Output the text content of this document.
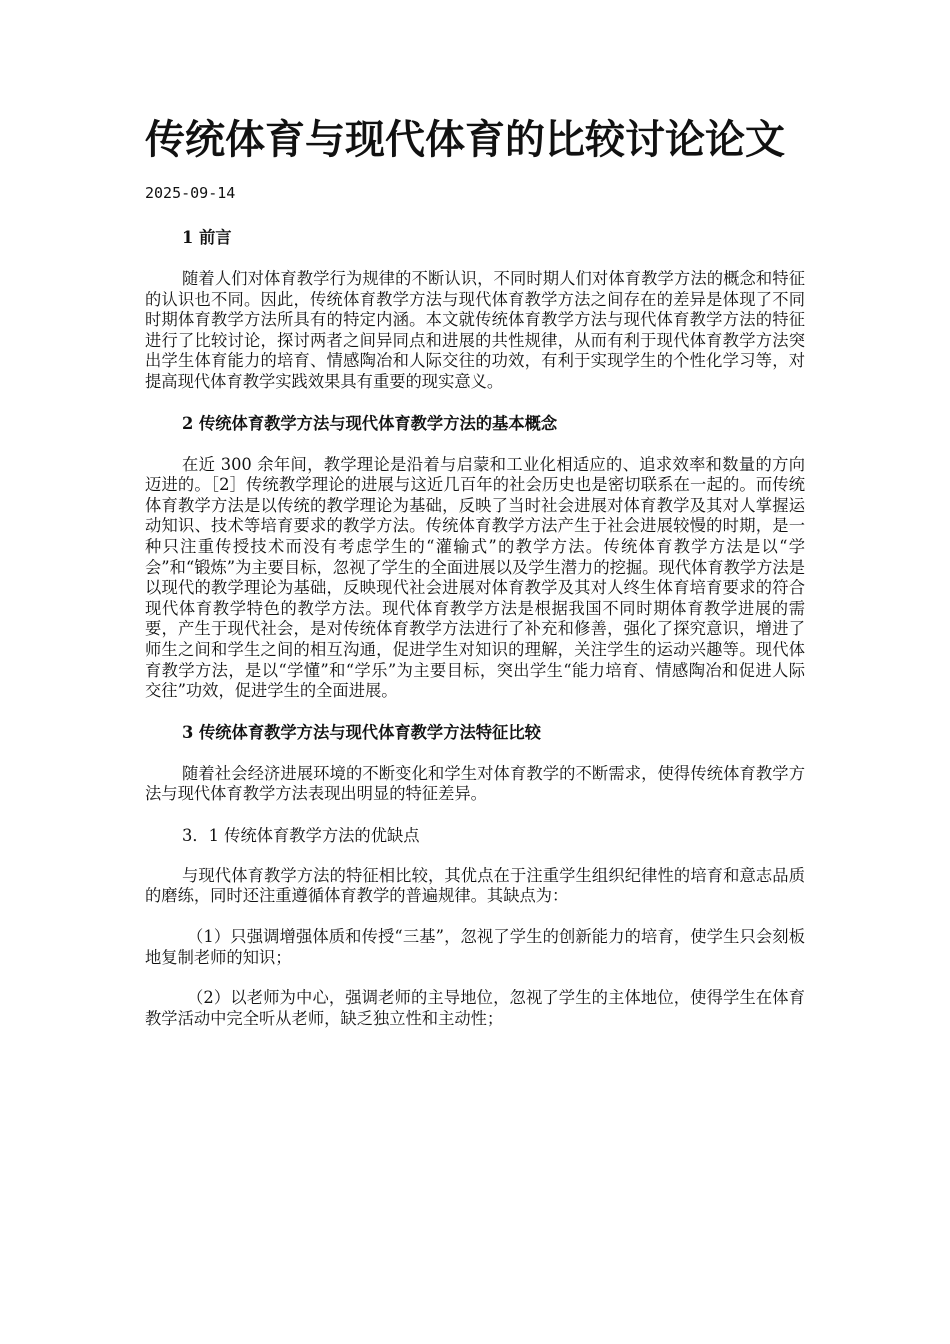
传统体育与现代体育的比较讨论论文
2025-09-14
1 前言

随着人们对体育教学行为规律的不断认识，不同时期人们对体育教学方法的概念和特征的认识也不同。因此，传统体育教学方法与现代体育教学方法之间存在的差异是体现了不同时期体育教学方法所具有的特定内涵。本文就传统体育教学方法与现代体育教学方法的特征进行了比较讨论，探讨两者之间异同点和进展的共性规律，从而有利于现代体育教学方法突出学生体育能力的培育、情感陶冶和人际交往的功效，有利于实现学生的个性化学习等，对提高现代体育教学实践效果具有重要的现实意义。

2 传统体育教学方法与现代体育教学方法的基本概念

在近 300 余年间，教学理论是沿着与启蒙和工业化相适应的、追求效率和数量的方向迈进的。［2］传统教学理论的进展与这近几百年的社会历史也是密切联系在一起的。而传统体育教学方法是以传统的教学理论为基础，反映了当时社会进展对体育教学及其对人掌握运动知识、技术等培育要求的教学方法。传统体育教学方法产生于社会进展较慢的时期，是一种只注重传授技术而没有考虑学生的“灌输式”的教学方法。传统体育教学方法是以“学会”和“锻炼”为主要目标，忽视了学生的全面进展以及学生潜力的挖掘。现代体育教学方法是以现代的教学理论为基础，反映现代社会进展对体育教学及其对人终生体育培育要求的符合现代体育教学特色的教学方法。现代体育教学方法是根据我国不同时期体育教学进展的需要，产生于现代社会，是对传统体育教学方法进行了补充和修善，强化了探究意识，增进了师生之间和学生之间的相互沟通，促进学生对知识的理解，关注学生的运动兴趣等。现代体育教学方法，是以“学懂”和“学乐”为主要目标，突出学生“能力培育、情感陶冶和促进人际交往”功效，促进学生的全面进展。

3 传统体育教学方法与现代体育教学方法特征比较

随着社会经济进展环境的不断变化和学生对体育教学的不断需求，使得传统体育教学方法与现代体育教学方法表现出明显的特征差异。

3．1 传统体育教学方法的优缺点

与现代体育教学方法的特征相比较，其优点在于注重学生组织纪律性的培育和意志品质的磨练，同时还注重遵循体育教学的普遍规律。其缺点为：

（1）只强调增强体质和传授“三基”，忽视了学生的创新能力的培育，使学生只会刻板地复制老师的知识；

（2）以老师为中心，强调老师的主导地位，忽视了学生的主体地位，使得学生在体育教学活动中完全听从老师，缺乏独立性和主动性；
